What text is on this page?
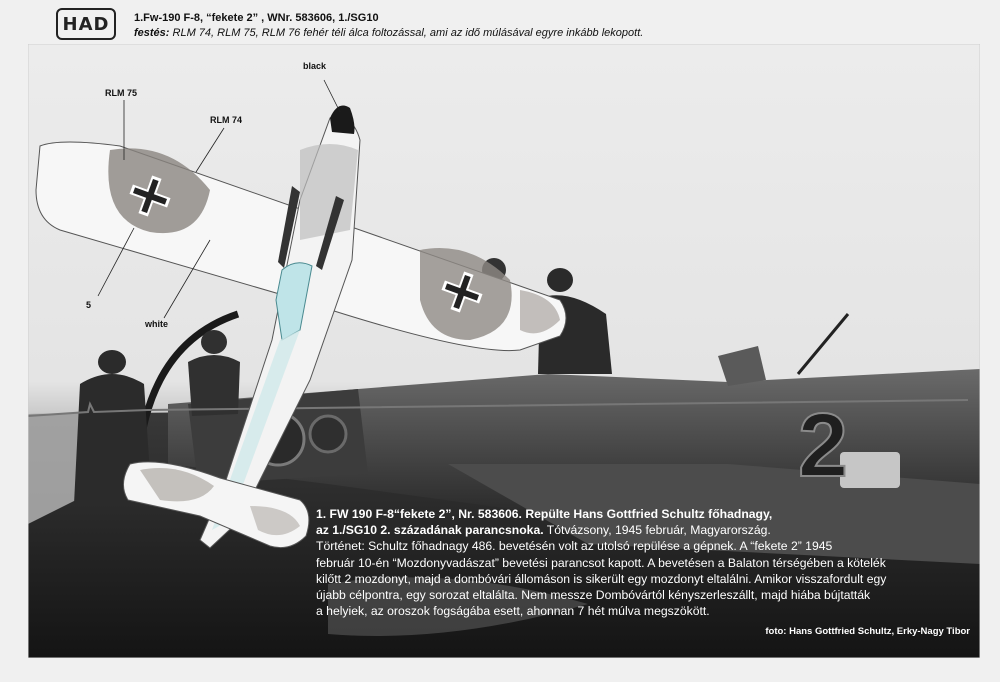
HAD	1.Fw-190 F-8, “fekete 2” , WNr. 583606, 1./SG10
festés: RLM 74, RLM 75, RLM 76 fehér téli álca foltozással, ami az idő múlásával egyre inkább lekopott.
2
black
RLM 75
RLM 74
5
white

1. FW 190 F-8“fekete 2”, Nr. 583606. Repülte Hans Gottfried Schultz főhadnagy,

az 1./SG10 2. századának parancsnoka. Tótvázsony, 1945 február, Magyarország.

Történet: Schultz főhadnagy 486. bevetésén volt az utolsó repülése a gépnek. A “fekete 2” 1945

február 10-én “Mozdonyvadászat” bevetési parancsot kapott. A bevetésen a Balaton térségében a kötelék

kilőtt 2 mozdonyt, majd a dombóvári állomáson is sikerült egy mozdonyt eltalálni. Amikor visszafordult egy

újabb célpontra, egy sorozat eltalálta. Nem messze Dombóvártól kényszerleszállt, majd hiába bújtatták

a helyiek, az oroszok fogságába esett, ahonnan 7 hét múlva megszökött.

foto: Hans Gottfried Schultz, Erky-Nagy Tibor
